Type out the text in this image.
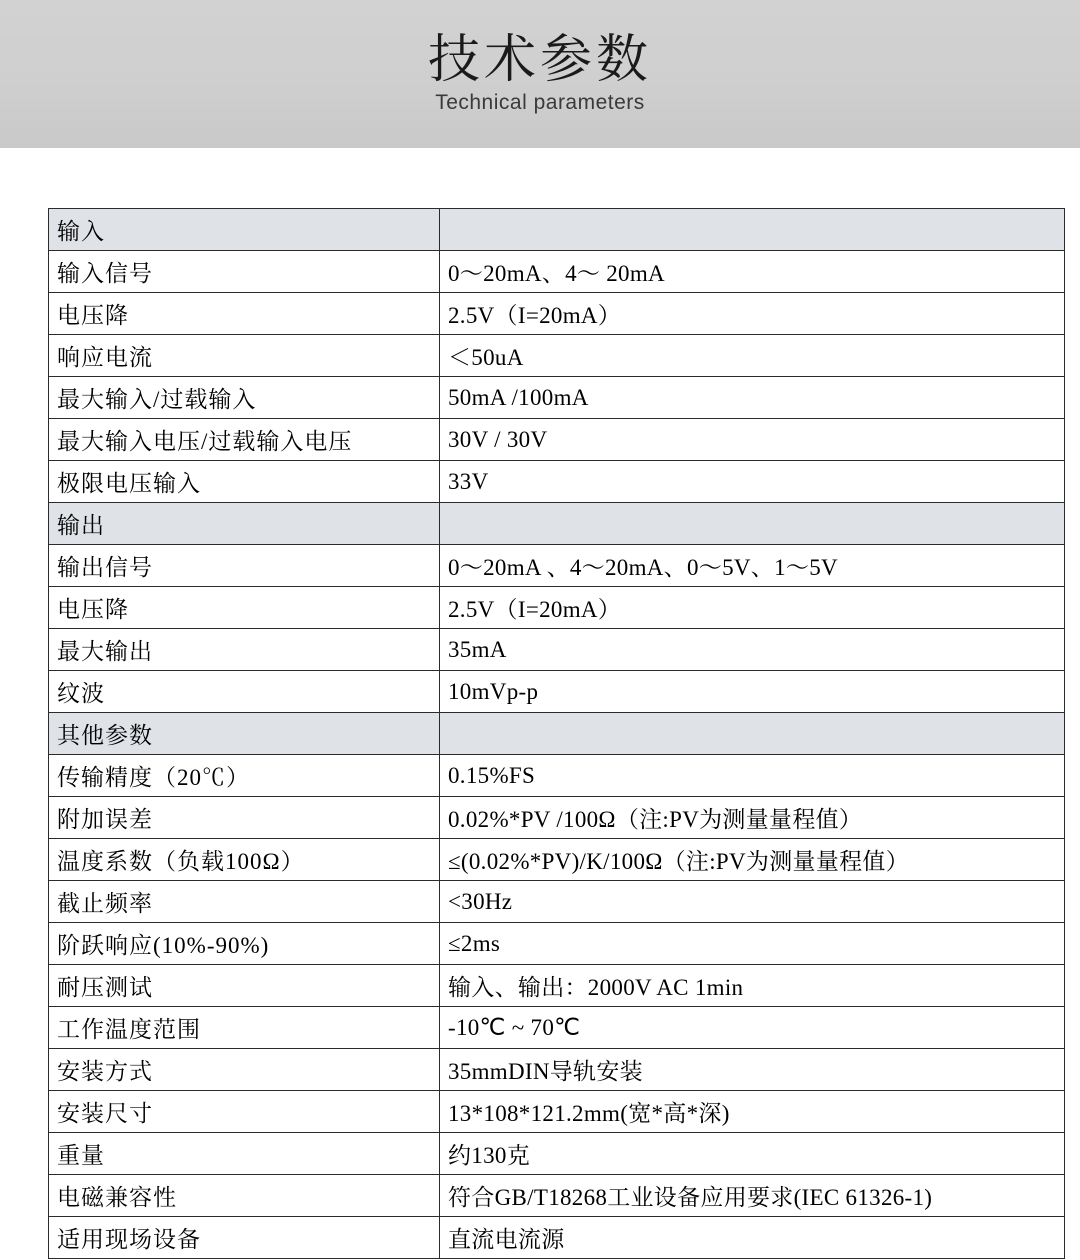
技术参数
Technical parameters
输入	
输入信号	0～20mA、4～ 20mA
电压降	2.5V（I=20mA）
响应电流	＜50uA
最大输入/过载输入	50mA /100mA
最大输入电压/过载输入电压	30V / 30V
极限电压输入	33V
输出	
输出信号	0～20mA 、4～20mA、0～5V、1～5V
电压降	2.5V（I=20mA）
最大输出	35mA
纹波	10mVp-p
其他参数	
传输精度（20℃）	0.15%FS
附加误差	0.02%*PV /100Ω（注:PV为测量量程值）
温度系数（负载100Ω）	≤(0.02%*PV)/K/100Ω（注:PV为测量量程值）
截止频率	<30Hz
阶跃响应(10%-90%)	≤2ms
耐压测试	输入、输出：2000V AC 1min
工作温度范围	-10℃ ~ 70℃
安装方式	35mmDIN导轨安装
安装尺寸	13*108*121.2mm(宽*高*深)
重量	约130克
电磁兼容性	符合GB/T18268工业设备应用要求(IEC 61326-1)
适用现场设备	直流电流源
